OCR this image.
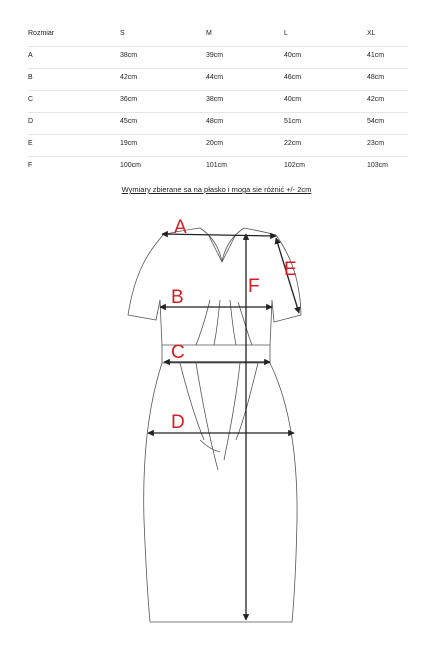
Rozmiar	S	M	L	XL
A	38cm	39cm	40cm	41cm
B	42cm	44cm	46cm	48cm
C	36cm	38cm	40cm	42cm
D	45cm	48cm	51cm	54cm
E	19cm	20cm	22cm	23cm
F	100cm	101cm	102cm	103cm
Wymiary zbierane sa na płasko i moga sie różnić +/- 2cm
A
B
C
D
E
F
